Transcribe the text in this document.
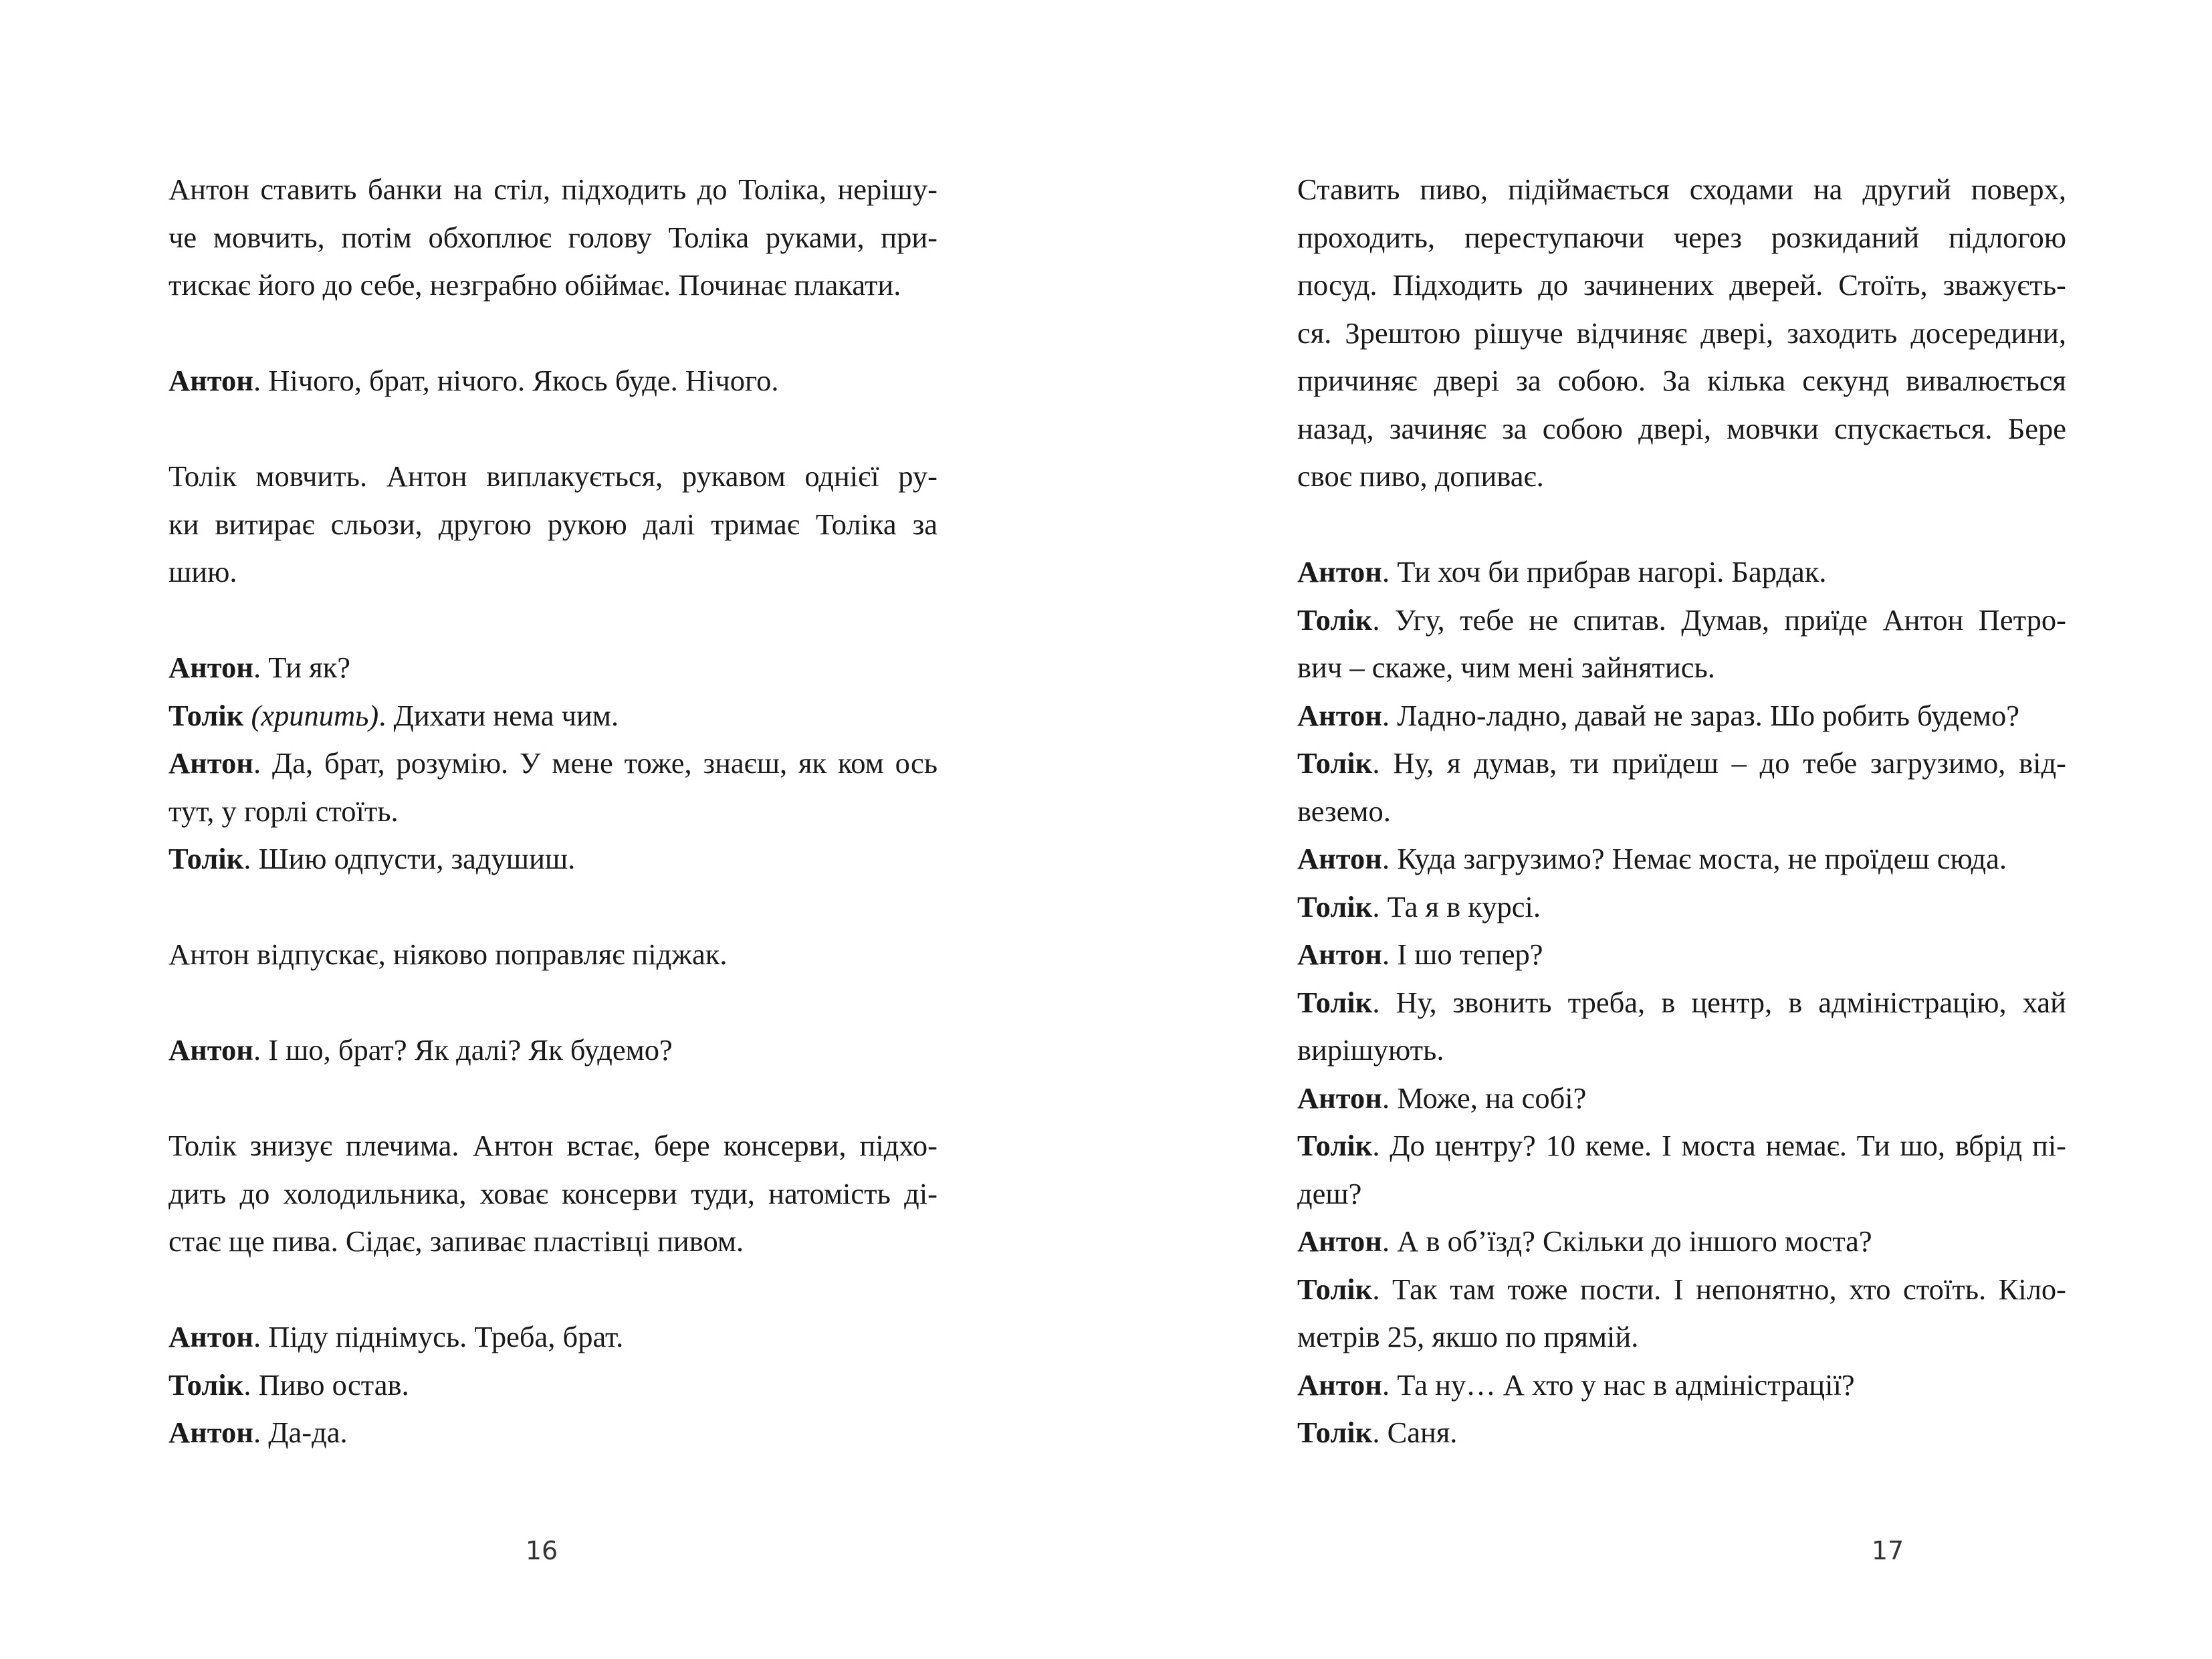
Антон ставить банки на стіл, підходить до Толіка, нерішу-
че мовчить, потім обхоплює голову Толіка руками, при-
тискає його до себе, незграбно обіймає. Починає плакати.
Антон. Нічого, брат, нічого. Якось буде. Нічого.
Толік мовчить. Антон виплакується, рукавом однієї ру-
ки витирає сльози, другою рукою далі тримає Толіка за
шию.
Антон. Ти як?
Толік (хрипить). Дихати нема чим.
Антон. Да, брат, розумію. У мене тоже, знаєш, як ком ось
тут, у горлі стоїть.
Толік. Шию одпусти, задушиш.
Антон відпускає, ніяково поправляє піджак.
Антон. І шо, брат? Як далі? Як будемо?
Толік знизує плечима. Антон встає, бере консерви, підхо-
дить до холодильника, ховає консерви туди, натомість ді-
стає ще пива. Сідає, запиває пластівці пивом.
Антон. Піду піднімусь. Треба, брат.
Толік. Пиво остав.
Антон. Да-да.
16
Ставить пиво, підіймається сходами на другий поверх,
проходить, переступаючи через розкиданий підлогою
посуд. Підходить до зачинених дверей. Стоїть, зважуєть-
ся. Зрештою рішуче відчиняє двері, заходить досередини,
причиняє двері за собою. За кілька секунд вивалюється
назад, зачиняє за собою двері, мовчки спускається. Бере
своє пиво, допиває.
Антон. Ти хоч би прибрав нагорі. Бардак.
Толік. Угу, тебе не спитав. Думав, приїде Антон Петро-
вич – скаже, чим мені зайнятись.
Антон. Ладно-ладно, давай не зараз. Шо робить будемо?
Толік. Ну, я думав, ти приїдеш – до тебе загрузимо, від-
веземо.
Антон. Куда загрузимо? Немає моста, не проїдеш сюда.
Толік. Та я в курсі.
Антон. І шо тепер?
Толік. Ну, звонить треба, в центр, в адміністрацію, хай
вирішують.
Антон. Може, на собі?
Толік. До центру? 10 кеме. І моста немає. Ти шо, вбрід пі-
деш?
Антон. А в об’їзд? Скільки до іншого моста?
Толік. Так там тоже пости. І непонятно, хто стоїть. Кіло-
метрів 25, якшо по прямій.
Антон. Та ну… А хто у нас в адміністрації?
Толік. Саня.
17
